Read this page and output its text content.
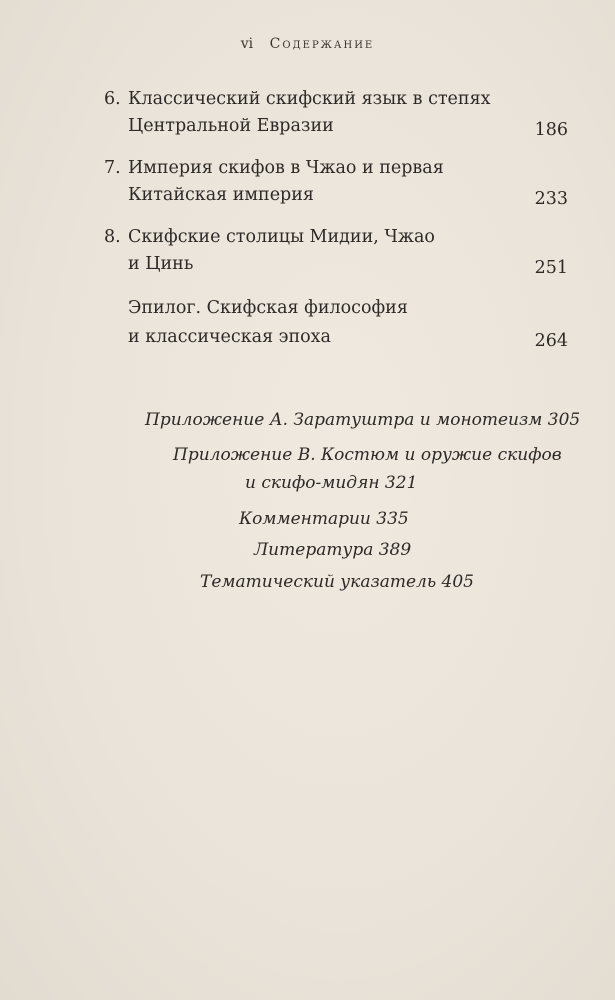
vi Содержание
6. Классический скифский язык в степях
Центральной Евразии	186
7. Империя скифов в Чжао и первая
Китайская империя	233
8. Скифские столицы Мидии, Чжао
и Цинь	251
Эпилог. Скифская философия
и классическая эпоха	264
Приложение А. Заратуштра и монотеизм 305
Приложение В. Костюм и оружие скифов
и скифо-мидян 321
Комментарии 335
Литература 389
Тематический указатель 405
